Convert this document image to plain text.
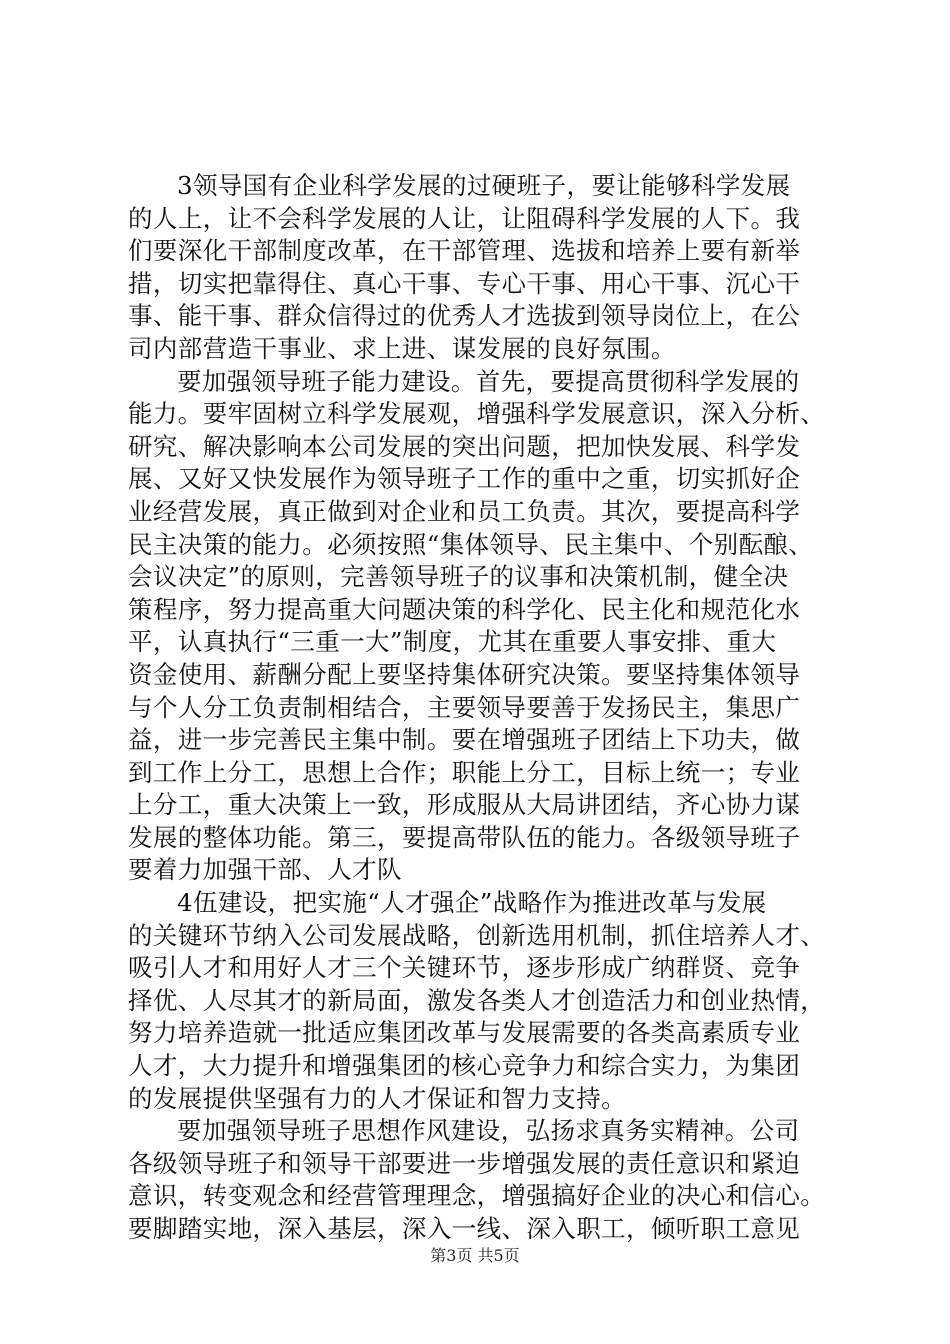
3领导国有企业科学发展的过硬班子，要让能够科学发展
的人上，让不会科学发展的人让，让阻碍科学发展的人下。我
们要深化干部制度改革，在干部管理、选拔和培养上要有新举
措，切实把靠得住、真心干事、专心干事、用心干事、沉心干
事、能干事、群众信得过的优秀人才选拔到领导岗位上，在公
司内部营造干事业、求上进、谋发展的良好氛围。
要加强领导班子能力建设。首先，要提高贯彻科学发展的
能力。要牢固树立科学发展观，增强科学发展意识，深入分析、
研究、解决影响本公司发展的突出问题，把加快发展、科学发
展、又好又快发展作为领导班子工作的重中之重，切实抓好企
业经营发展，真正做到对企业和员工负责。其次，要提高科学
民主决策的能力。必须按照“集体领导、民主集中、个别酝酿、
会议决定”的原则，完善领导班子的议事和决策机制，健全决
策程序，努力提高重大问题决策的科学化、民主化和规范化水
平，认真执行“三重一大”制度，尤其在重要人事安排、重大
资金使用、薪酬分配上要坚持集体研究决策。要坚持集体领导
与个人分工负责制相结合，主要领导要善于发扬民主，集思广
益，进一步完善民主集中制。要在增强班子团结上下功夫，做
到工作上分工，思想上合作；职能上分工，目标上统一；专业
上分工，重大决策上一致，形成服从大局讲团结，齐心协力谋
发展的整体功能。第三，要提高带队伍的能力。各级领导班子
要着力加强干部、人才队
4伍建设，把实施“人才强企”战略作为推进改革与发展
的关键环节纳入公司发展战略，创新选用机制，抓住培养人才、
吸引人才和用好人才三个关键环节，逐步形成广纳群贤、竞争
择优、人尽其才的新局面，激发各类人才创造活力和创业热情，
努力培养造就一批适应集团改革与发展需要的各类高素质专业
人才，大力提升和增强集团的核心竞争力和综合实力，为集团
的发展提供坚强有力的人才保证和智力支持。
要加强领导班子思想作风建设，弘扬求真务实精神。公司
各级领导班子和领导干部要进一步增强发展的责任意识和紧迫
意识，转变观念和经营管理理念，增强搞好企业的决心和信心。
要脚踏实地，深入基层，深入一线、深入职工，倾听职工意见
第3页 共5页
